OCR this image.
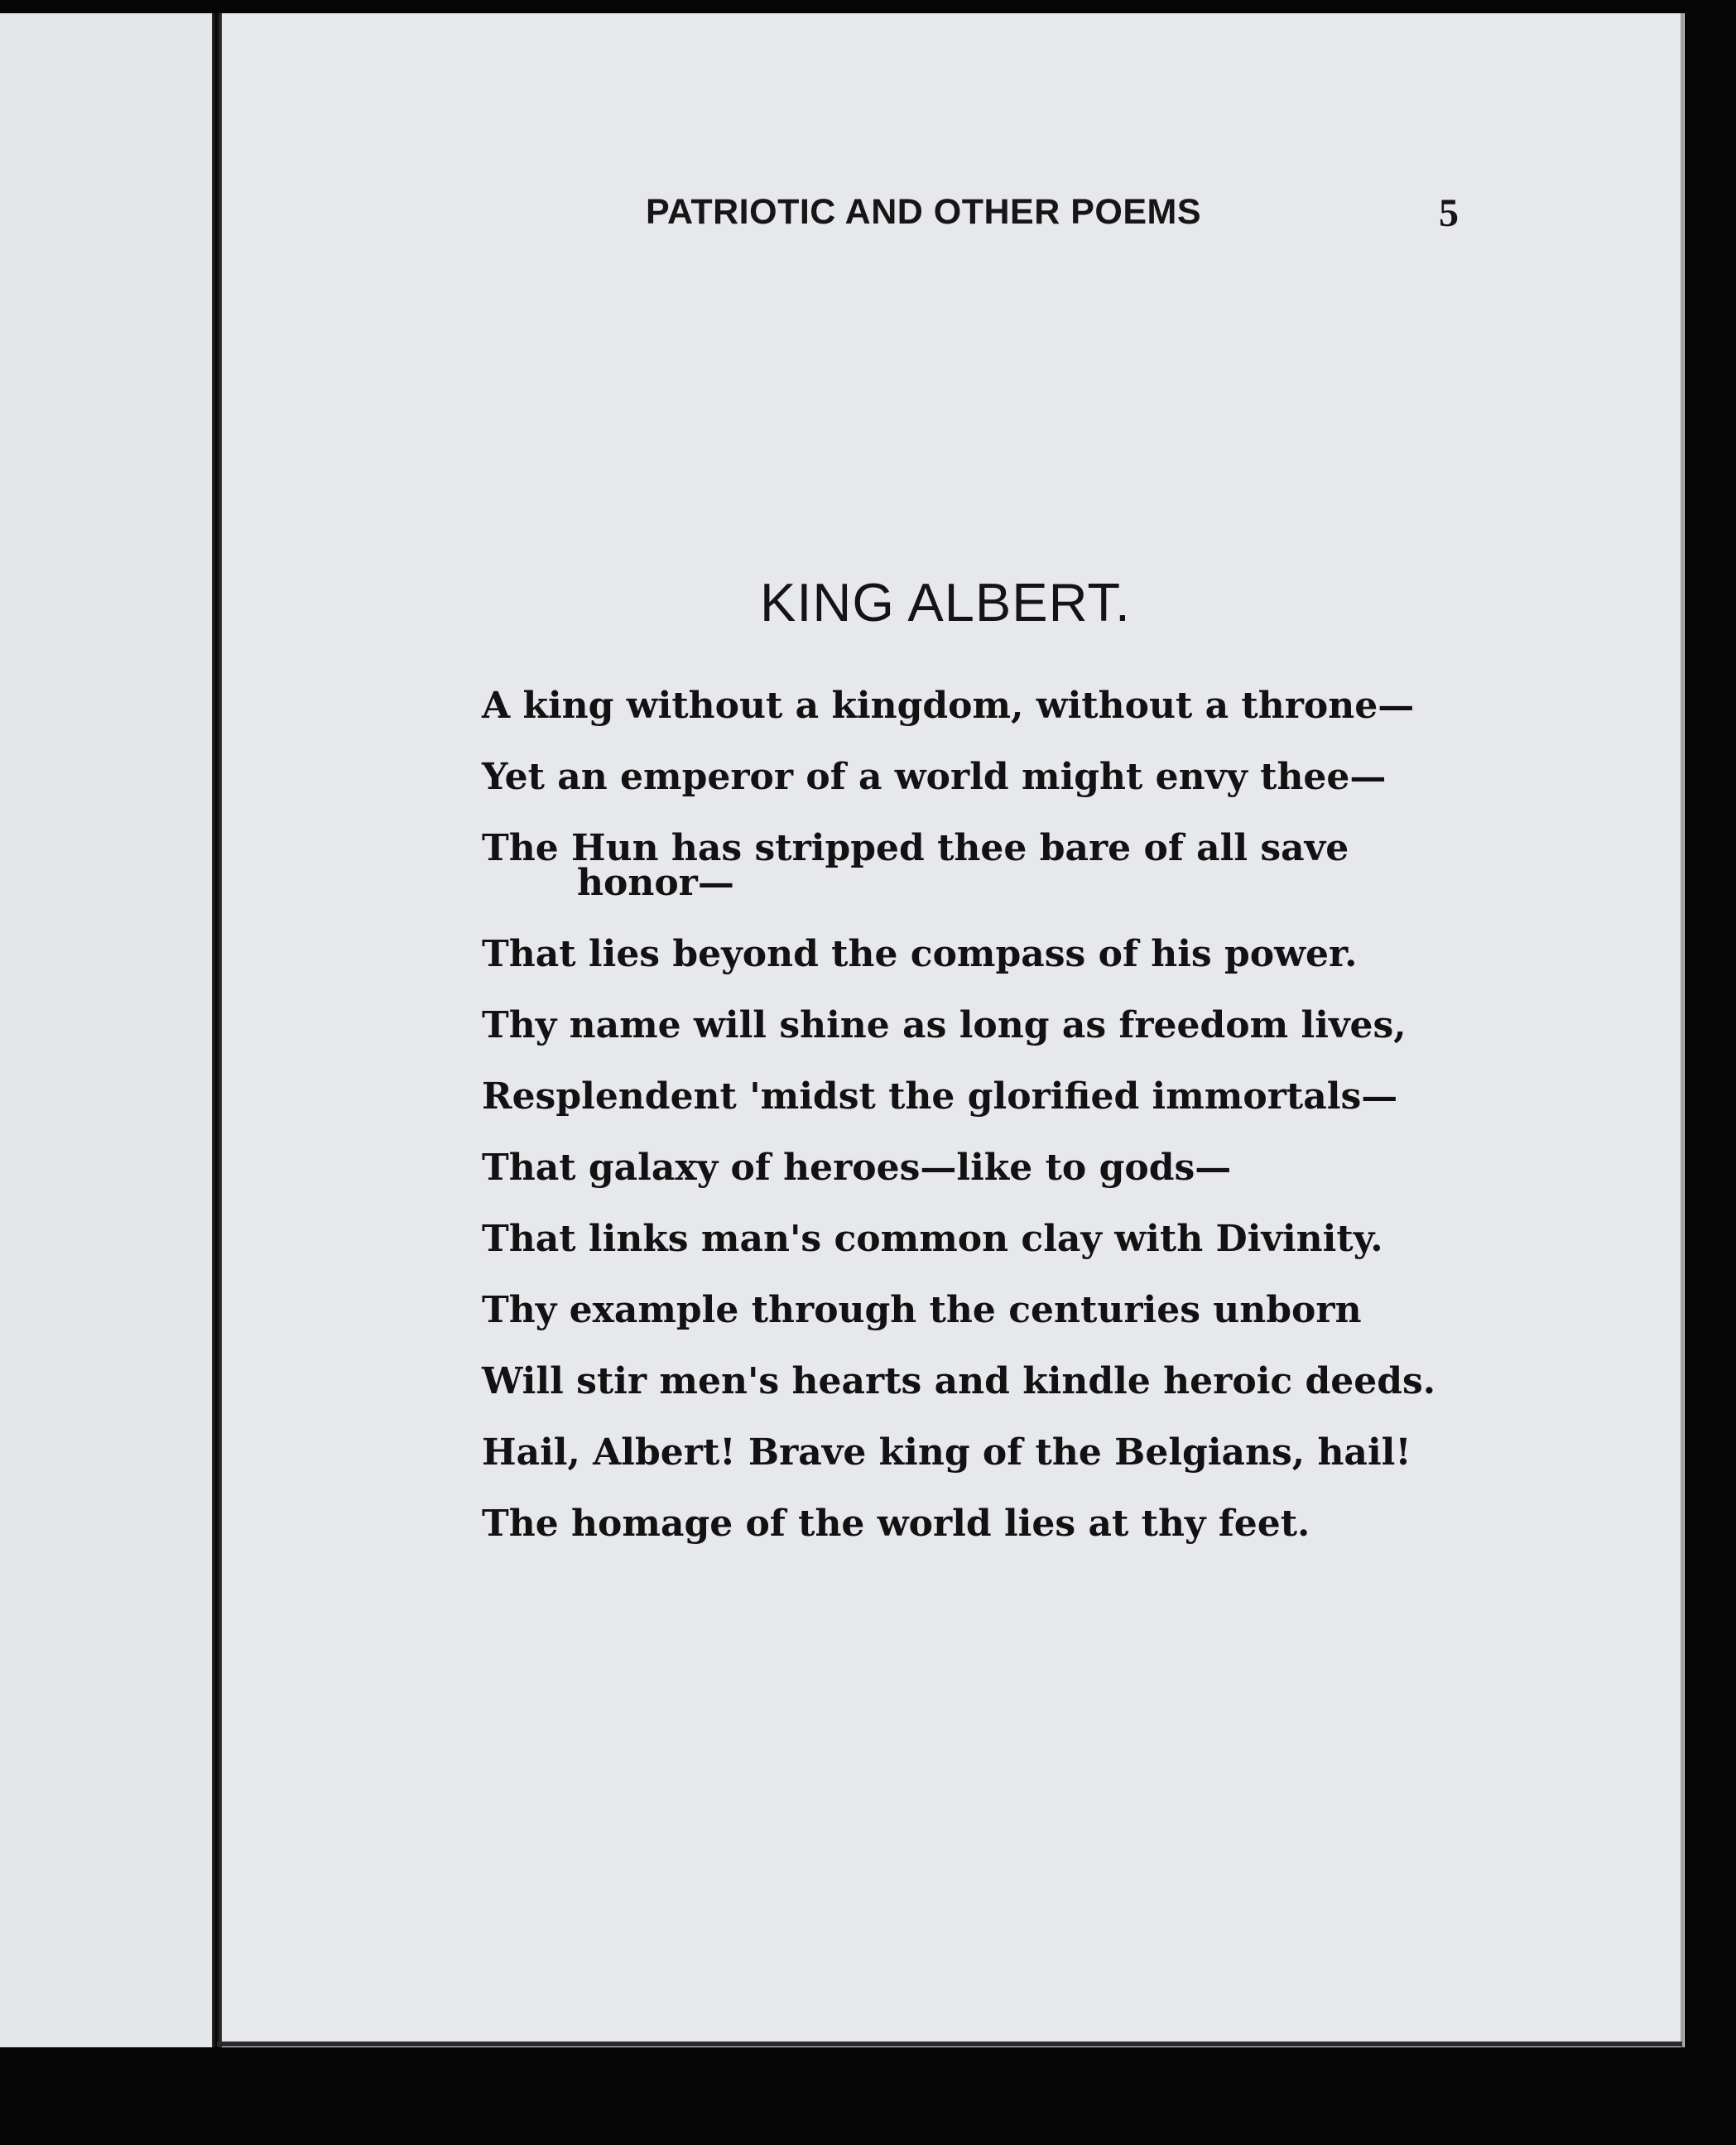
PATRIOTIC AND OTHER POEMS	5
KING ALBERT.
A king without a kingdom, without a throne—
Yet an emperor of a world might envy thee—
The Hun has stripped thee bare of all save
honor—
That lies beyond the compass of his power.
Thy name will shine as long as freedom lives,
Resplendent 'midst the glorified immortals—
That galaxy of heroes—like to gods—
That links man's common clay with Divinity.
Thy example through the centuries unborn
Will stir men's hearts and kindle heroic deeds.
Hail, Albert! Brave king of the Belgians, hail!
The homage of the world lies at thy feet.
